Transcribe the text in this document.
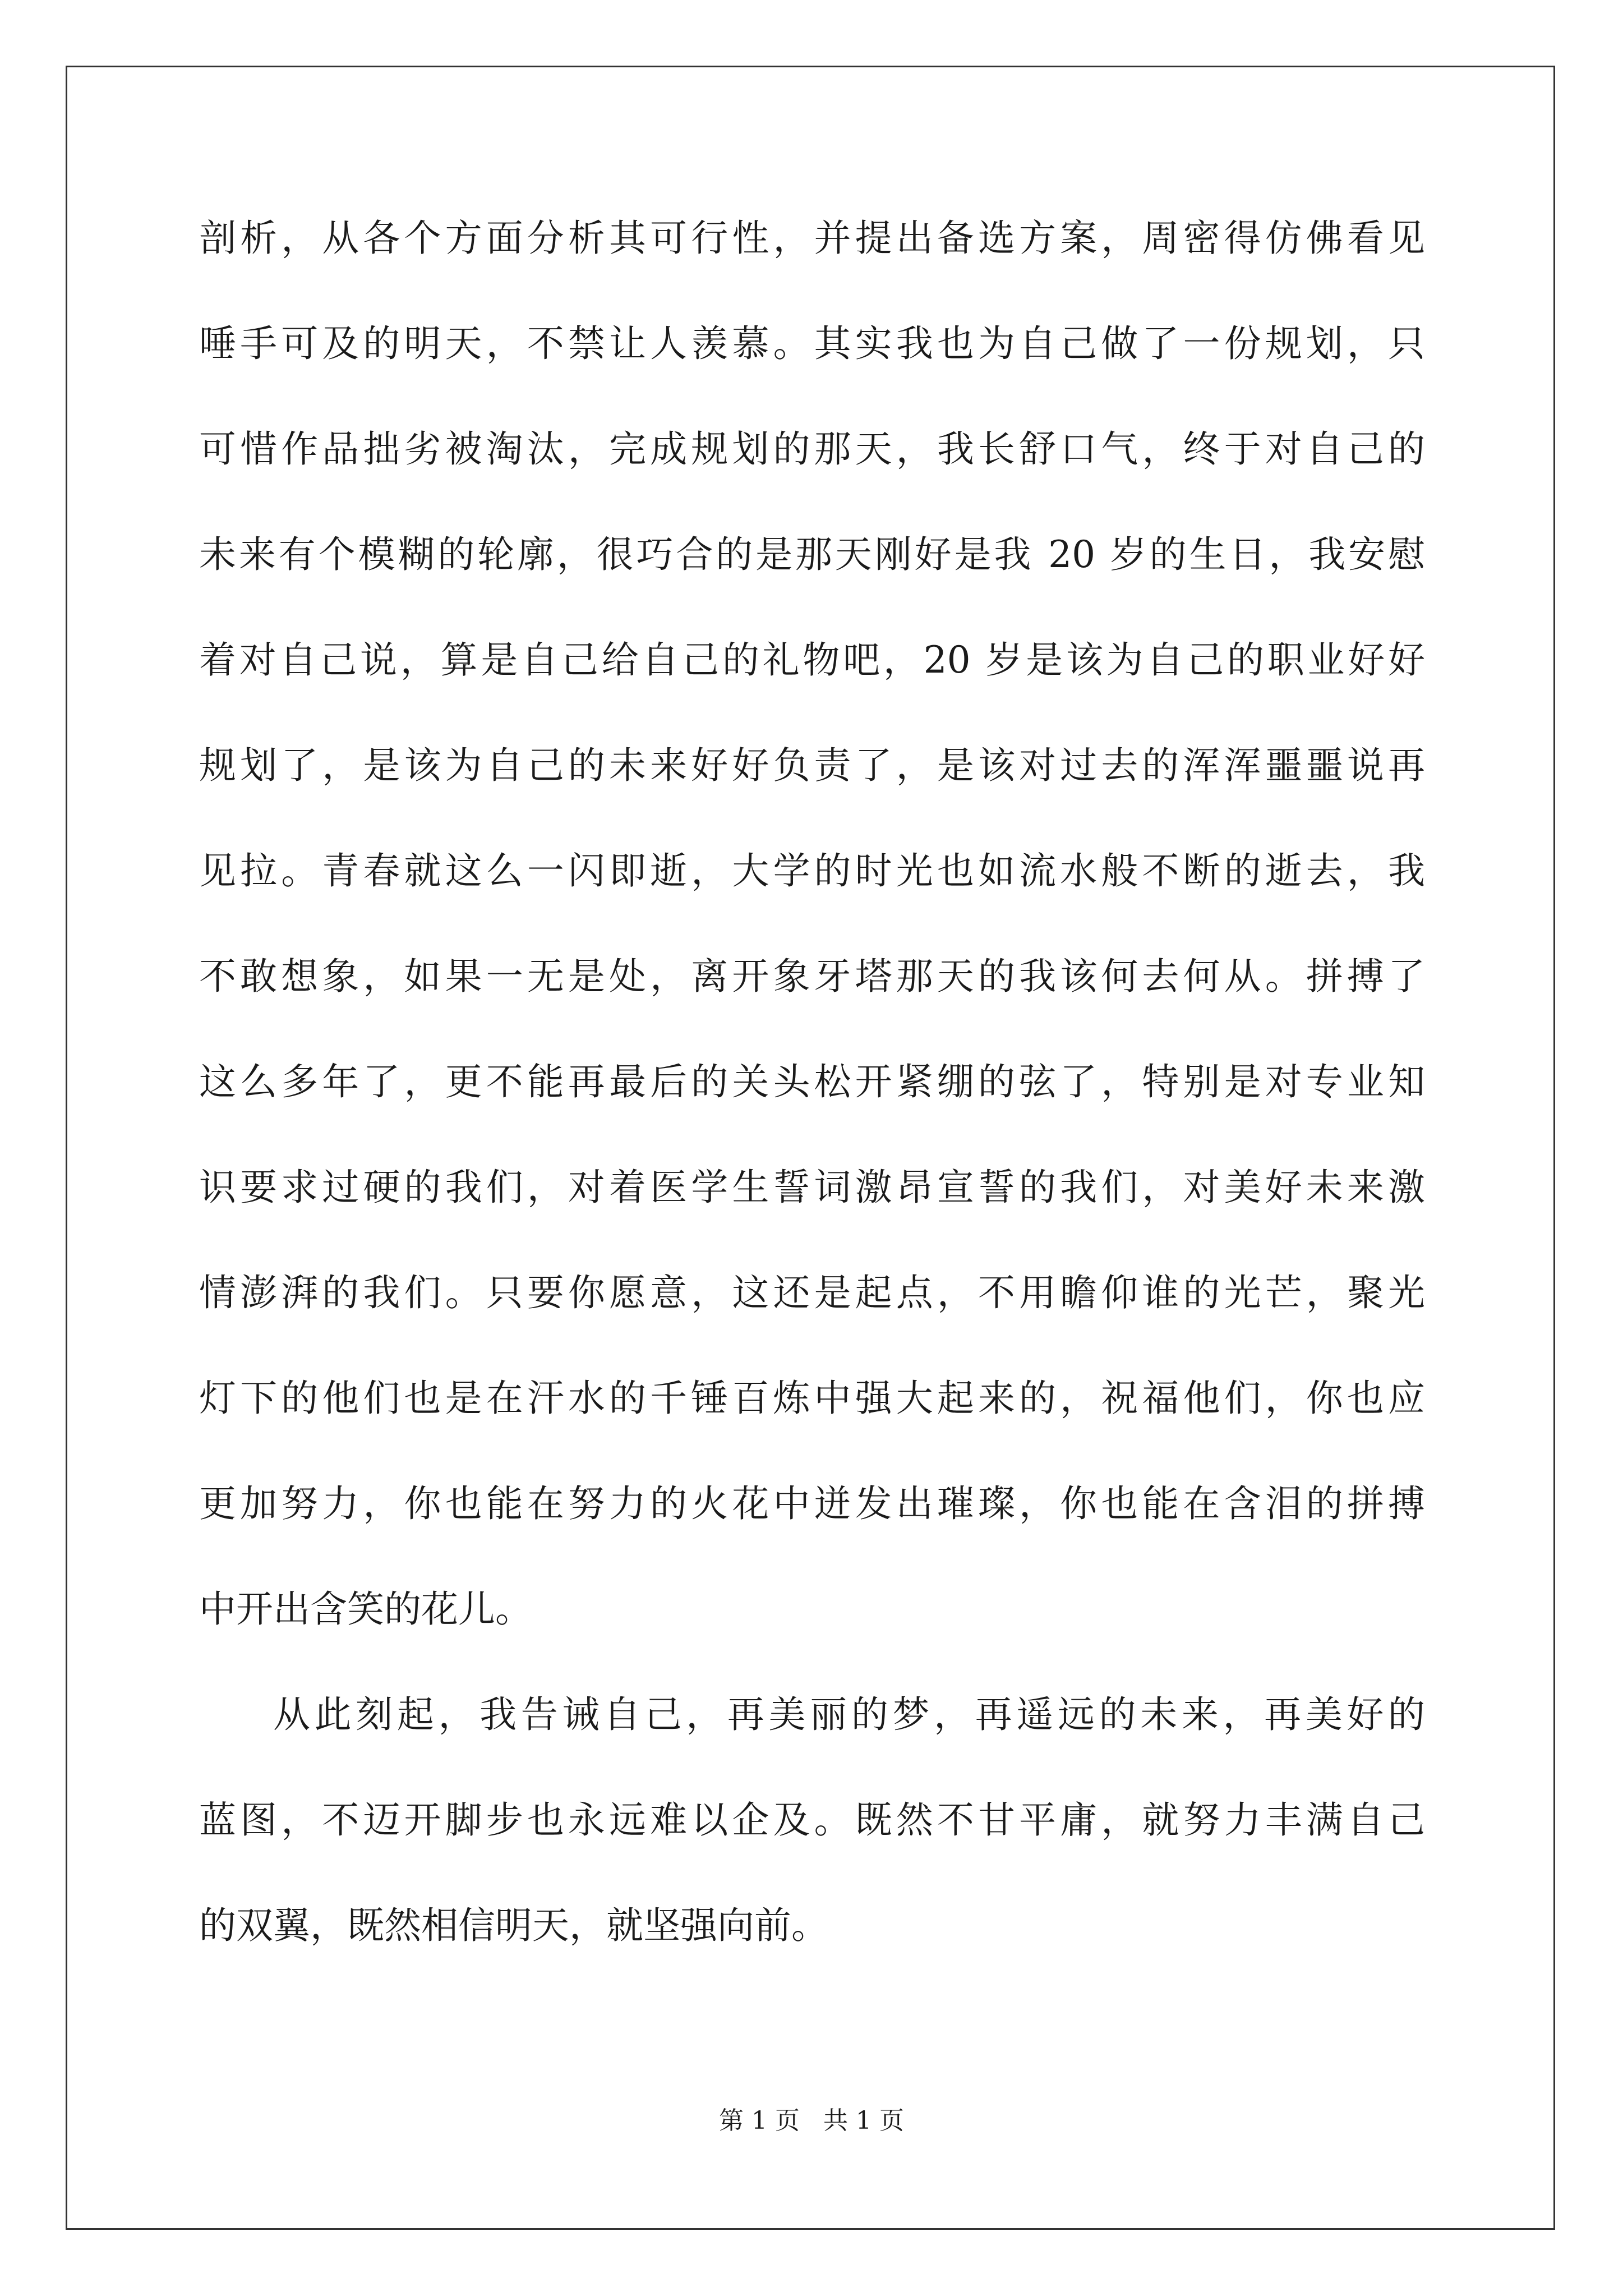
剖析，从各个方面分析其可行性，并提出备选方案，周密得仿佛看见
唾手可及的明天，不禁让人羡慕。其实我也为自己做了一份规划，只
可惜作品拙劣被淘汰，完成规划的那天，我长舒口气，终于对自己的
未来有个模糊的轮廓，很巧合的是那天刚好是我 20 岁的生日，我安慰
着对自己说，算是自己给自己的礼物吧，20 岁是该为自己的职业好好
规划了，是该为自己的未来好好负责了，是该对过去的浑浑噩噩说再
见拉。青春就这么一闪即逝，大学的时光也如流水般不断的逝去，我
不敢想象，如果一无是处，离开象牙塔那天的我该何去何从。拼搏了
这么多年了，更不能再最后的关头松开紧绷的弦了，特别是对专业知
识要求过硬的我们，对着医学生誓词激昂宣誓的我们，对美好未来激
情澎湃的我们。只要你愿意，这还是起点，不用瞻仰谁的光芒，聚光
灯下的他们也是在汗水的千锤百炼中强大起来的，祝福他们，你也应
更加努力，你也能在努力的火花中迸发出璀璨，你也能在含泪的拼搏
中开出含笑的花儿。
从此刻起，我告诫自己，再美丽的梦，再遥远的未来，再美好的
蓝图，不迈开脚步也永远难以企及。既然不甘平庸，就努力丰满自己
的双翼，既然相信明天，就坚强向前。
第 1 页   共 1 页
